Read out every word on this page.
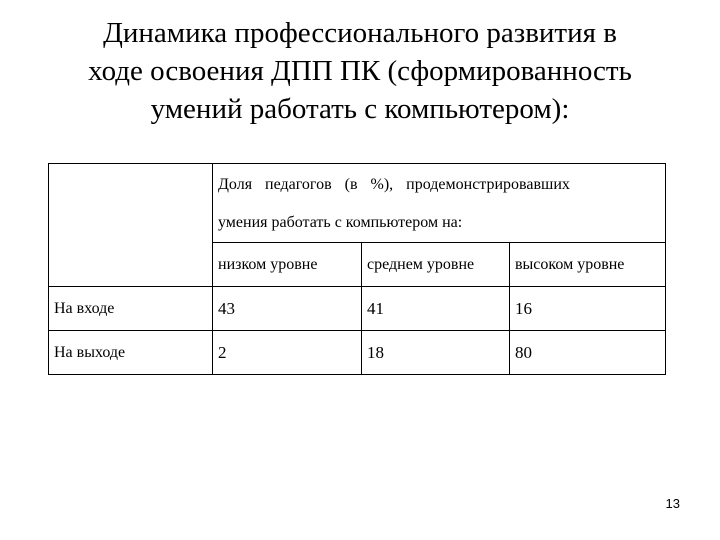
Динамика профессионального развития в
ходе освоения ДПП ПК (сформированность
умений работать с компьютером):

	Доля педагогов (в %), продемонстрировавших
умения работать с компьютером на:		

	низком уровне	среднем уровне	высоком уровне
На входе	43	41	16
На выходе	2	18	80
13
